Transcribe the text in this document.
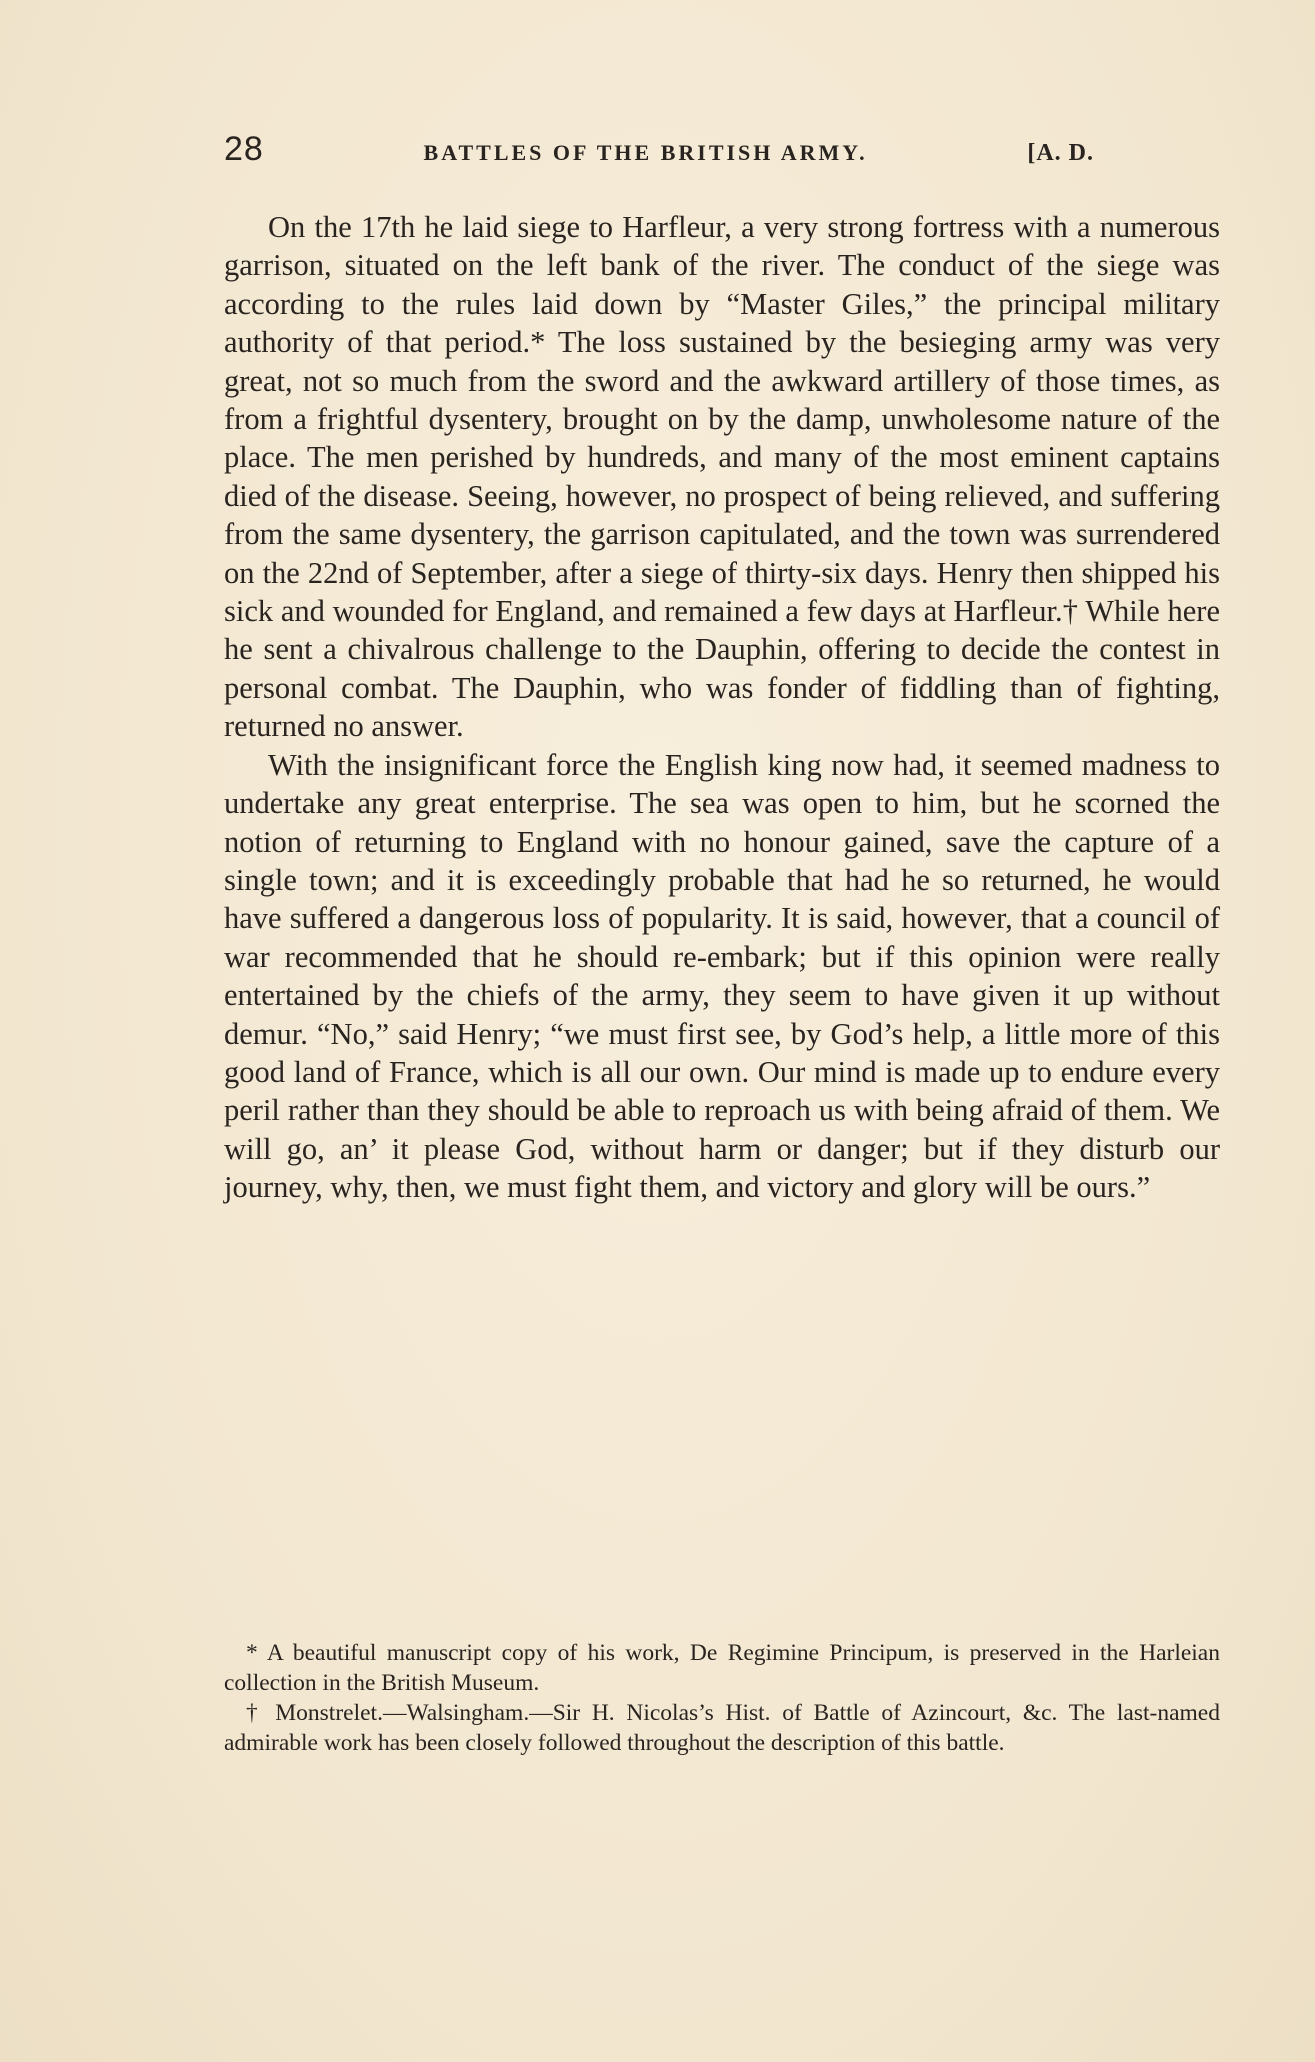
28	BATTLES OF THE BRITISH ARMY.	[A. D.

On the 17th he laid siege to Harfleur, a very strong fortress with a numerous garrison, situated on the left bank of the river. The conduct of the siege was according to the rules laid down by “Master Giles,” the principal military authority of that period.* The loss sustained by the besieging army was very great, not so much from the sword and the awkward artillery of those times, as from a frightful dysentery, brought on by the damp, unwholesome nature of the place. The men perished by hundreds, and many of the most eminent captains died of the disease. Seeing, however, no prospect of being relieved, and suffering from the same dysentery, the garrison capitulated, and the town was surrendered on the 22nd of September, after a siege of thirty-six days. Henry then shipped his sick and wounded for England, and remained a few days at Harfleur.† While here he sent a chivalrous challenge to the Dauphin, offering to decide the contest in personal combat. The Dauphin, who was fonder of fiddling than of fighting, returned no answer.

With the insignificant force the English king now had, it seemed madness to undertake any great enterprise. The sea was open to him, but he scorned the notion of returning to England with no honour gained, save the capture of a single town; and it is exceedingly probable that had he so returned, he would have suffered a dangerous loss of popularity. It is said, however, that a council of war recommended that he should re-embark; but if this opinion were really entertained by the chiefs of the army, they seem to have given it up without demur. “No,” said Henry; “we must first see, by God’s help, a little more of this good land of France, which is all our own. Our mind is made up to endure every peril rather than they should be able to reproach us with being afraid of them. We will go, an’ it please God, without harm or danger; but if they disturb our journey, why, then, we must fight them, and victory and glory will be ours.”

* A beautiful manuscript copy of his work, De Regimine Principum, is preserved in the Harleian collection in the British Museum.

† Monstrelet.—Walsingham.—Sir H. Nicolas’s Hist. of Battle of Azincourt, &c. The last-named admirable work has been closely followed throughout the description of this battle.
